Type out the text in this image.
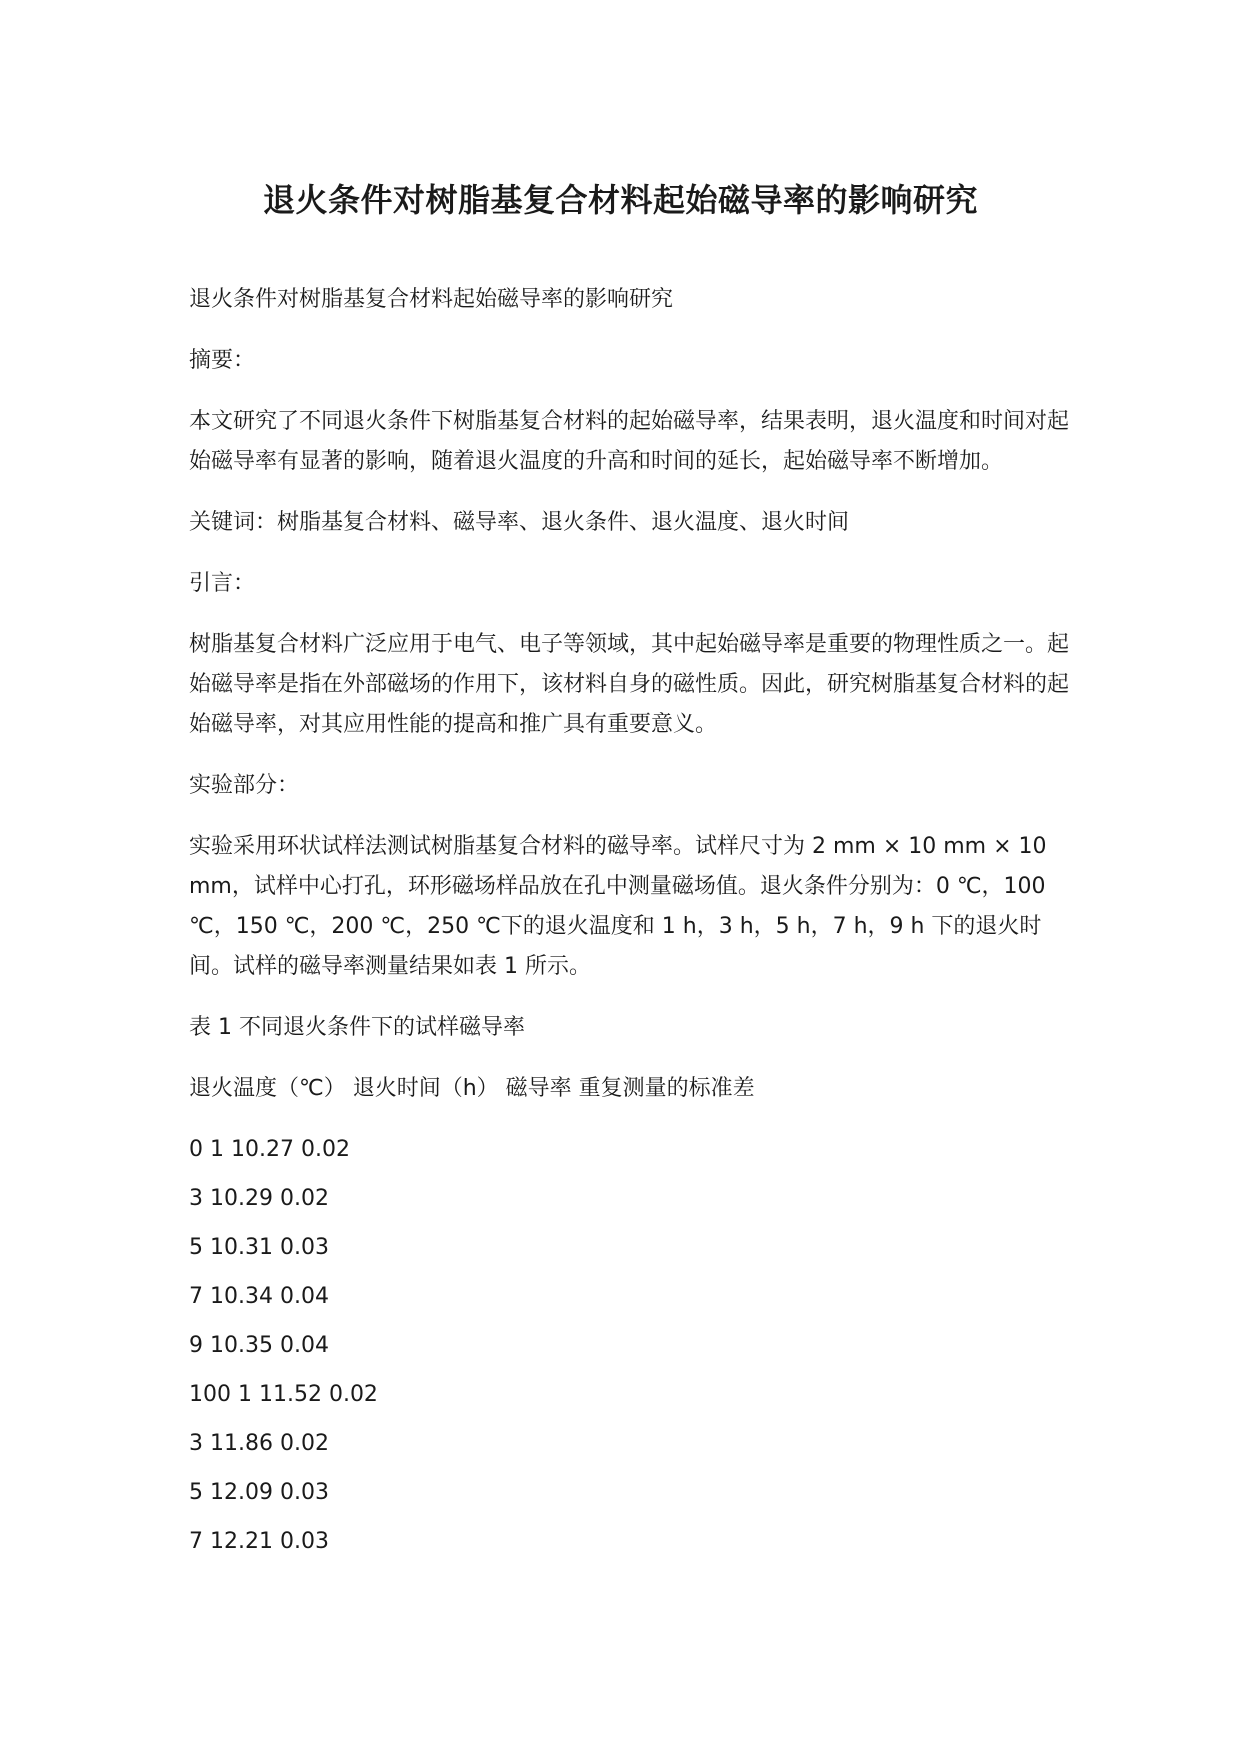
退火条件对树脂基复合材料起始磁导率的影响研究

退火条件对树脂基复合材料起始磁导率的影响研究

摘要：

本文研究了不同退火条件下树脂基复合材料的起始磁导率，结果表明，退火温度和时间对起始磁导率有显著的影响，随着退火温度的升高和时间的延长，起始磁导率不断增加。

关键词：树脂基复合材料、磁导率、退火条件、退火温度、退火时间

引言：

树脂基复合材料广泛应用于电气、电子等领域，其中起始磁导率是重要的物理性质之一。起始磁导率是指在外部磁场的作用下，该材料自身的磁性质。因此，研究树脂基复合材料的起始磁导率，对其应用性能的提高和推广具有重要意义。

实验部分：

实验采用环状试样法测试树脂基复合材料的磁导率。试样尺寸为 2 mm × 10 mm × 10 mm，试样中心打孔，环形磁场样品放在孔中测量磁场值。退火条件分别为：0 ℃，100 ℃，150 ℃，200 ℃，250 ℃下的退火温度和 1 h，3 h，5 h，7 h，9 h 下的退火时间。试样的磁导率测量结果如表 1 所示。

表 1 不同退火条件下的试样磁导率

退火温度（℃） 退火时间（h） 磁导率 重复测量的标准差

0 1 10.27 0.02
3 10.29 0.02
5 10.31 0.03
7 10.34 0.04
9 10.35 0.04
100 1 11.52 0.02
3 11.86 0.02
5 12.09 0.03
7 12.21 0.03
